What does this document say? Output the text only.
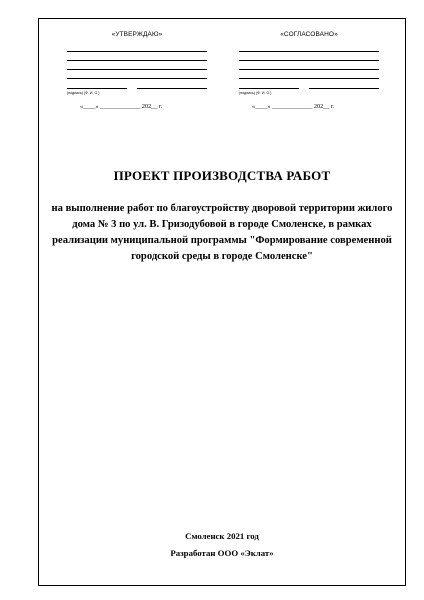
«УТВЕРЖДАЮ»
(подпись) (Ф. И. О.)
«СОГЛАСОВАНО»
(подпись) (Ф. И. О.)
«____» _____________ 202__ г.	«____» _____________ 202__ г.
ПРОЕКТ ПРОИЗВОДСТВА РАБОТ
на выполнение работ по благоустройству дворовой территории жилого дома № 3 по ул. В. Гризодубовой в городе Смоленске, в рамках реализации муниципальной программы "Формирование современной городской среды в городе Смоленске"
Смоленск 2021 год
Разработан ООО «Эклат»
